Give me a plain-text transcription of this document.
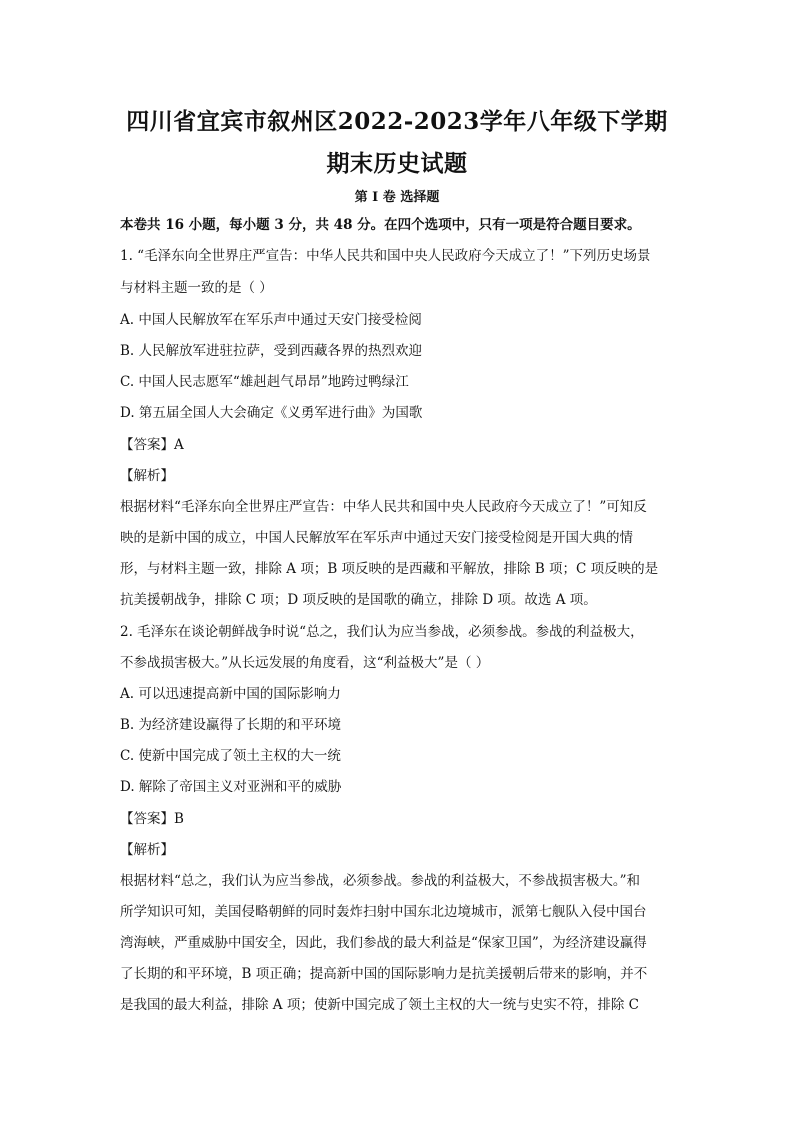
四川省宜宾市叙州区2022-2023学年八年级下学期
期末历史试题
第 I 卷 选择题
本卷共 16 小题，每小题 3 分，共 48 分。在四个选项中，只有一项是符合题目要求。
1. “毛泽东向全世界庄严宣告：中华人民共和国中央人民政府今天成立了！”下列历史场景
与材料主题一致的是（ ）
A. 中国人民解放军在军乐声中通过天安门接受检阅
B. 人民解放军进驻拉萨，受到西藏各界的热烈欢迎
C. 中国人民志愿军“雄赳赳气昂昂”地跨过鸭绿江
D. 第五届全国人大会确定《义勇军进行曲》为国歌
【答案】A
【解析】
根据材料“毛泽东向全世界庄严宣告：中华人民共和国中央人民政府今天成立了！”可知反
映的是新中国的成立，中国人民解放军在军乐声中通过天安门接受检阅是开国大典的情
形，与材料主题一致，排除 A 项；B 项反映的是西藏和平解放，排除 B 项；C 项反映的是
抗美援朝战争，排除 C 项；D 项反映的是国歌的确立，排除 D 项。故选 A 项。
2. 毛泽东在谈论朝鲜战争时说“总之，我们认为应当参战，必须参战。参战的利益极大，
不参战损害极大。”从长远发展的角度看，这“利益极大”是（ ）
A. 可以迅速提高新中国的国际影响力
B. 为经济建设赢得了长期的和平环境
C. 使新中国完成了领土主权的大一统
D. 解除了帝国主义对亚洲和平的威胁
【答案】B
【解析】
根据材料“总之，我们认为应当参战，必须参战。参战的利益极大，不参战损害极大。”和
所学知识可知，美国侵略朝鲜的同时轰炸扫射中国东北边境城市，派第七舰队入侵中国台
湾海峡，严重威胁中国安全，因此，我们参战的最大利益是“保家卫国”，为经济建设赢得
了长期的和平环境，B 项正确；提高新中国的国际影响力是抗美援朝后带来的影响，并不
是我国的最大利益，排除 A 项；使新中国完成了领土主权的大一统与史实不符，排除 C
